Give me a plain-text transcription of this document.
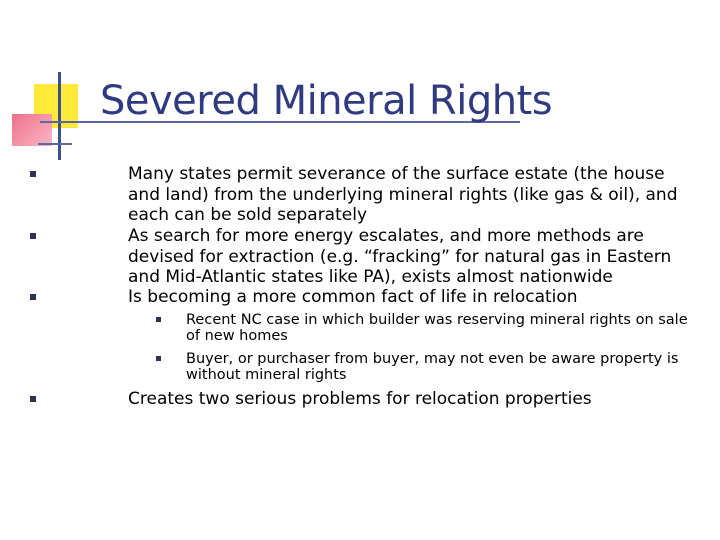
Severed Mineral Rights
Many states permit severance of the surface estate (the house and land) from the underlying mineral rights (like gas & oil), and each can be sold separately
As search for more energy escalates, and more methods are devised for extraction (e.g. “fracking” for natural gas in Eastern and Mid-Atlantic states like PA), exists almost nationwide
Is becoming a more common fact of life in relocation
Recent NC case in which builder was reserving mineral rights on sale of new homes
Buyer, or purchaser from buyer, may not even be aware property is without mineral rights
Creates two serious problems for relocation properties
